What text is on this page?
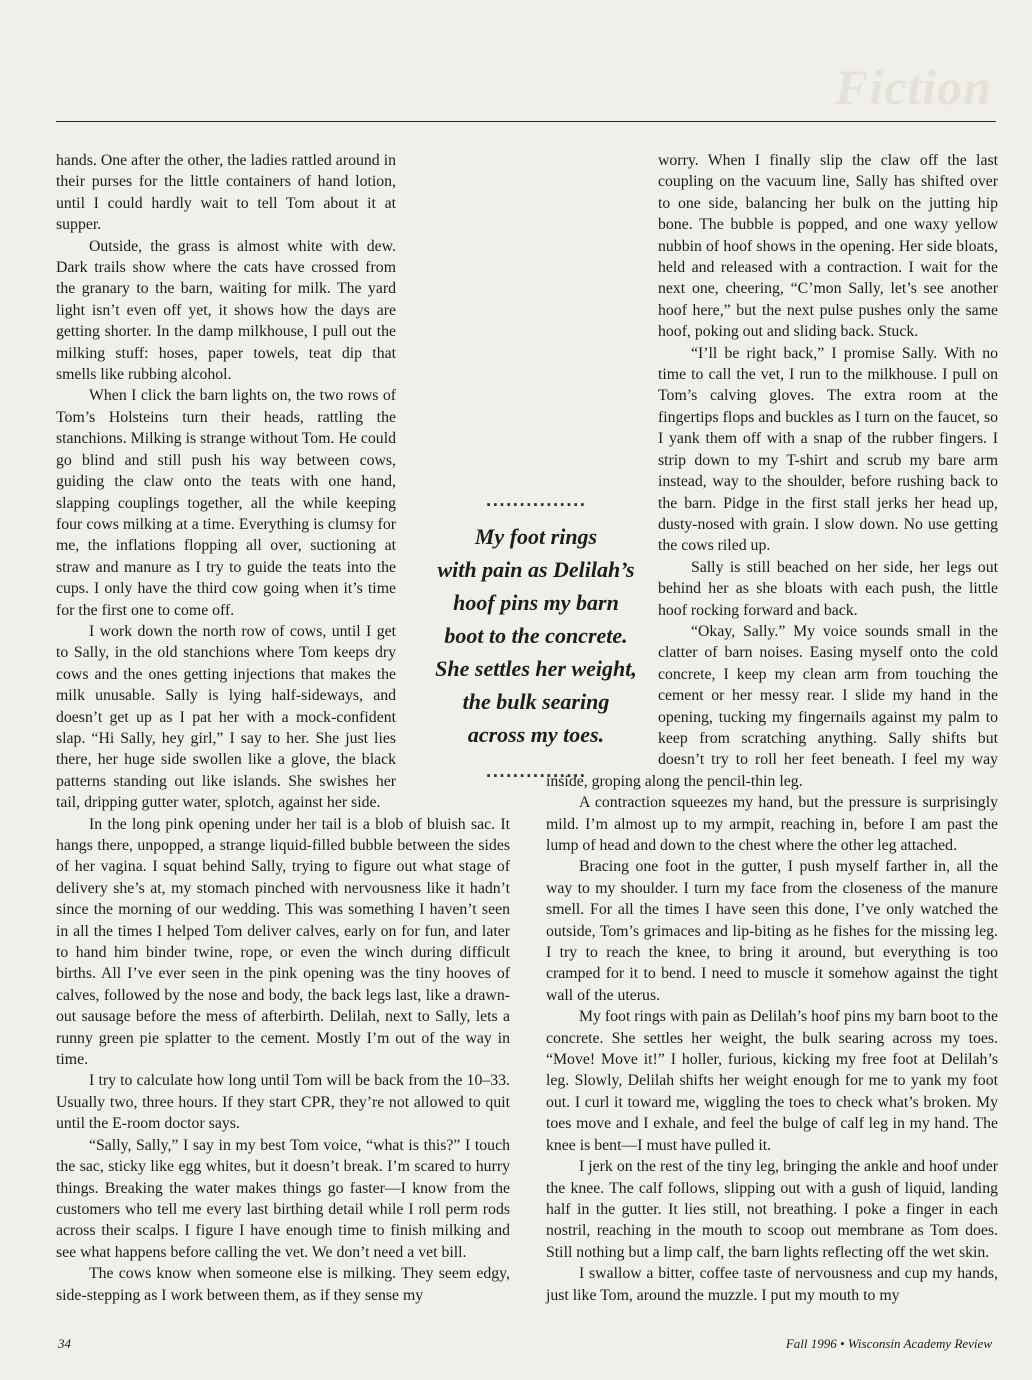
Fiction

hands. One after the other, the ladies rattled around in their purses for the little containers of hand lotion, until I could hardly wait to tell Tom about it at supper.

Outside, the grass is almost white with dew. Dark trails show where the cats have crossed from the granary to the barn, waiting for milk. The yard light isn’t even off yet, it shows how the days are getting shorter. In the damp milkhouse, I pull out the milking stuff: hoses, paper towels, teat dip that smells like rubbing alcohol.

When I click the barn lights on, the two rows of Tom’s Holsteins turn their heads, rattling the stanchions. Milking is strange without Tom. He could go blind and still push his way between cows, guiding the claw onto the teats with one hand, slapping couplings together, all the while keeping four cows milking at a time. Everything is clumsy for me, the inflations flopping all over, suctioning at straw and manure as I try to guide the teats into the cups. I only have the third cow going when it’s time for the first one to come off.

I work down the north row of cows, until I get to Sally, in the old stanchions where Tom keeps dry cows and the ones getting injections that makes the milk unusable. Sally is lying half-sideways, and doesn’t get up as I pat her with a mock-confident slap. “Hi Sally, hey girl,” I say to her. She just lies there, her huge side swollen like a glove, the black patterns standing out like islands. She swishes her tail, dripping gutter water, splotch, against her side.

In the long pink opening under her tail is a blob of bluish sac. It hangs there, unpopped, a strange liquid-filled bubble between the sides of her vagina. I squat behind Sally, trying to figure out what stage of delivery she’s at, my stomach pinched with nervousness like it hadn’t since the morning of our wedding. This was something I haven’t seen in all the times I helped Tom deliver calves, early on for fun, and later to hand him binder twine, rope, or even the winch during difficult births. All I’ve ever seen in the pink opening was the tiny hooves of calves, followed by the nose and body, the back legs last, like a drawn-out sausage before the mess of afterbirth. Delilah, next to Sally, lets a runny green pie splatter to the cement. Mostly I’m out of the way in time.

I try to calculate how long until Tom will be back from the 10–33. Usually two, three hours. If they start CPR, they’re not allowed to quit until the E-room doctor says.

“Sally, Sally,” I say in my best Tom voice, “what is this?” I touch the sac, sticky like egg whites, but it doesn’t break. I’m scared to hurry things. Breaking the water makes things go faster—I know from the customers who tell me every last birthing detail while I roll perm rods across their scalps. I figure I have enough time to finish milking and see what happens before calling the vet. We don’t need a vet bill.

The cows know when someone else is milking. They seem edgy, side-stepping as I work between them, as if they sense my

worry. When I finally slip the claw off the last coupling on the vacuum line, Sally has shifted over to one side, balancing her bulk on the jutting hip bone. The bubble is popped, and one waxy yellow nubbin of hoof shows in the opening. Her side bloats, held and released with a contraction. I wait for the next one, cheering, “C’mon Sally, let’s see another hoof here,” but the next pulse pushes only the same hoof, poking out and sliding back. Stuck.

“I’ll be right back,” I promise Sally. With no time to call the vet, I run to the milkhouse. I pull on Tom’s calving gloves. The extra room at the fingertips flops and buckles as I turn on the faucet, so I yank them off with a snap of the rubber fingers. I strip down to my T-shirt and scrub my bare arm instead, way to the shoulder, before rushing back to the barn. Pidge in the first stall jerks her head up, dusty-nosed with grain. I slow down. No use getting the cows riled up.

Sally is still beached on her side, her legs out behind her as she bloats with each push, the little hoof rocking forward and back.

“Okay, Sally.” My voice sounds small in the clatter of barn noises. Easing myself onto the cold concrete, I keep my clean arm from touching the cement or her messy rear. I slide my hand in the opening, tucking my fingernails against my palm to keep from scratching anything. Sally shifts but doesn’t try to roll her feet beneath. I feel my way inside, groping along the pencil-thin leg.

A contraction squeezes my hand, but the pressure is surprisingly mild. I’m almost up to my armpit, reaching in, before I am past the lump of head and down to the chest where the other leg attached.

Bracing one foot in the gutter, I push myself farther in, all the way to my shoulder. I turn my face from the closeness of the manure smell. For all the times I have seen this done, I’ve only watched the outside, Tom’s grimaces and lip-biting as he fishes for the missing leg. I try to reach the knee, to bring it around, but everything is too cramped for it to bend. I need to muscle it somehow against the tight wall of the uterus.

My foot rings with pain as Delilah’s hoof pins my barn boot to the concrete. She settles her weight, the bulk searing across my toes. “Move! Move it!” I holler, furious, kicking my free foot at Delilah’s leg. Slowly, Delilah shifts her weight enough for me to yank my foot out. I curl it toward me, wiggling the toes to check what’s broken. My toes move and I exhale, and feel the bulge of calf leg in my hand. The knee is bent—I must have pulled it.

I jerk on the rest of the tiny leg, bringing the ankle and hoof under the knee. The calf follows, slipping out with a gush of liquid, landing half in the gutter. It lies still, not breathing. I poke a finger in each nostril, reaching in the mouth to scoop out membrane as Tom does. Still nothing but a limp calf, the barn lights reflecting off the wet skin.

I swallow a bitter, coffee taste of nervousness and cup my hands, just like Tom, around the muzzle. I put my mouth to my

...............
My foot rings
with pain as Delilah’s
hoof pins my barn
boot to the concrete.
She settles her weight,
the bulk searing
across my toes.
...............
34	Fall 1996 • Wisconsin Academy Review
